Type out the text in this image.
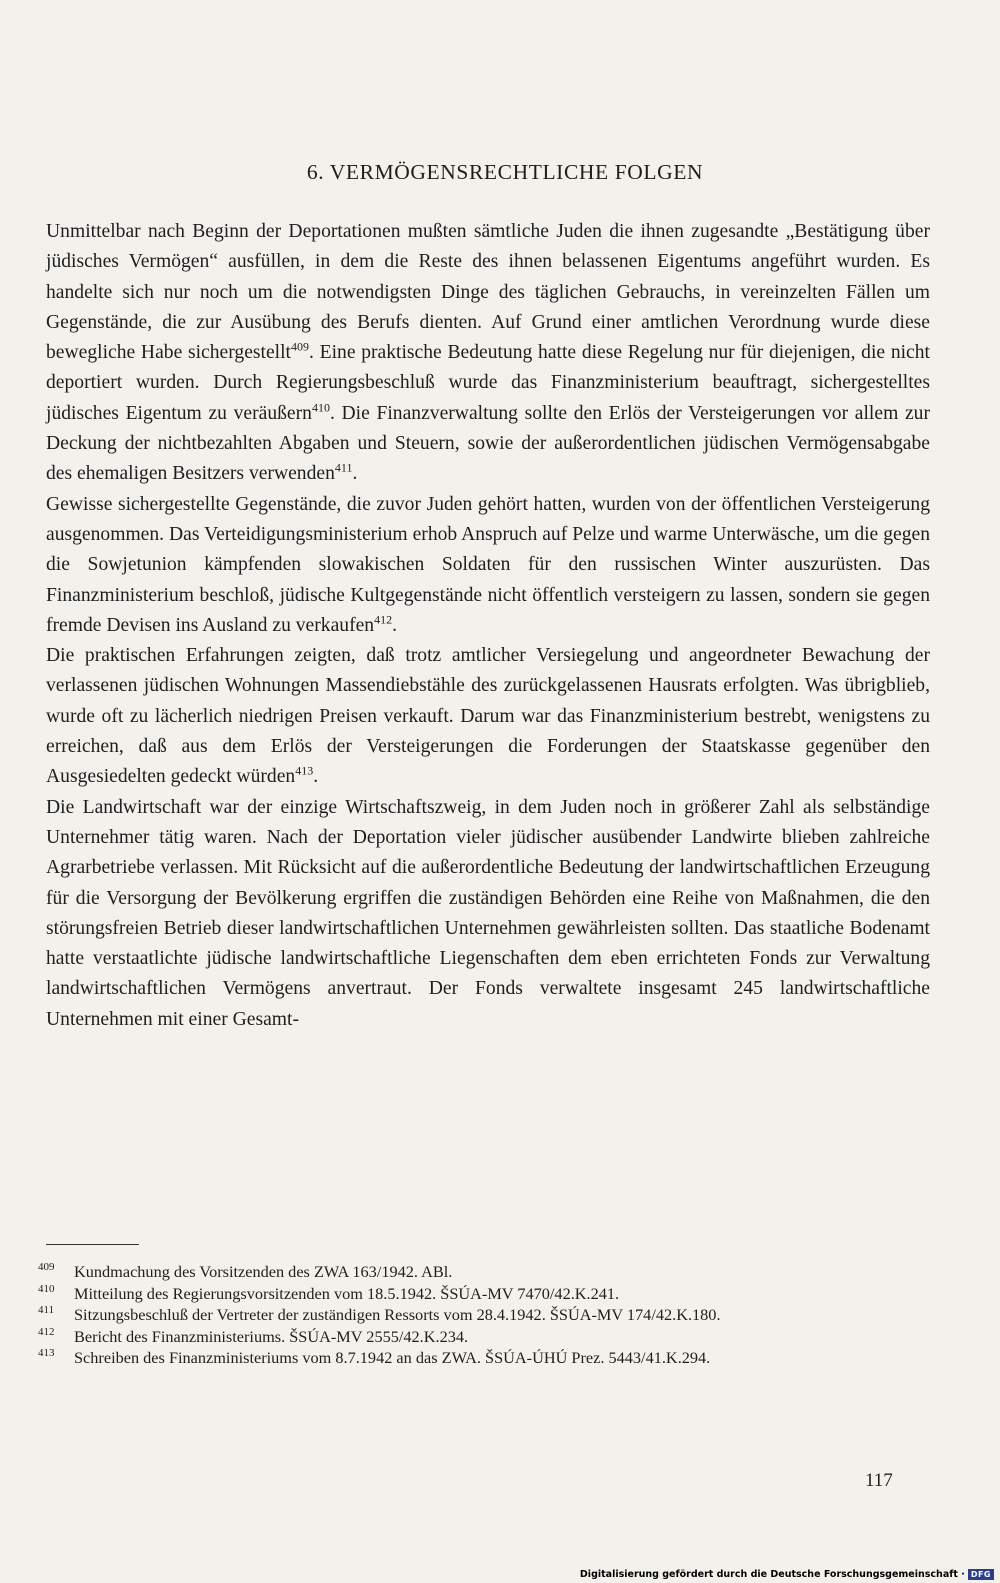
6. VERMÖGENSRECHTLICHE FOLGEN

Unmittelbar nach Beginn der Deportationen mußten sämtliche Juden die ihnen zugesandte „Bestätigung über jüdisches Vermögen“ ausfüllen, in dem die Reste des ihnen belassenen Eigentums angeführt wurden. Es handelte sich nur noch um die notwendigsten Dinge des täglichen Gebrauchs, in vereinzelten Fällen um Gegenstände, die zur Ausübung des Berufs dienten. Auf Grund einer amtlichen Verordnung wurde diese bewegliche Habe sichergestellt$^{409}$. Eine praktische Bedeutung hatte diese Regelung nur für diejenigen, die nicht deportiert wurden. Durch Regierungsbeschluß wurde das Finanzministerium beauftragt, sichergestelltes jüdisches Eigentum zu veräußern$^{410}$. Die Finanzverwaltung sollte den Erlös der Versteigerungen vor allem zur Deckung der nichtbezahlten Abgaben und Steuern, sowie der außerordentlichen jüdischen Vermögensabgabe des ehemaligen Besitzers verwenden$^{411}$.

Gewisse sichergestellte Gegenstände, die zuvor Juden gehört hatten, wurden von der öffentlichen Versteigerung ausgenommen. Das Verteidigungsministerium erhob Anspruch auf Pelze und warme Unterwäsche, um die gegen die Sowjetunion kämpfenden slowakischen Soldaten für den russischen Winter auszurüsten. Das Finanzministerium beschloß, jüdische Kultgegenstände nicht öffentlich versteigern zu lassen, sondern sie gegen fremde Devisen ins Ausland zu verkaufen$^{412}$.

Die praktischen Erfahrungen zeigten, daß trotz amtlicher Versiegelung und angeordneter Bewachung der verlassenen jüdischen Wohnungen Massendiebstähle des zurückgelassenen Hausrats erfolgten. Was übrigblieb, wurde oft zu lächerlich niedrigen Preisen verkauft. Darum war das Finanzministerium bestrebt, wenigstens zu erreichen, daß aus dem Erlös der Versteigerungen die Forderungen der Staatskasse gegenüber den Ausgesiedelten gedeckt würden$^{413}$.

Die Landwirtschaft war der einzige Wirtschaftszweig, in dem Juden noch in größerer Zahl als selbständige Unternehmer tätig waren. Nach der Deportation vieler jüdischer ausübender Landwirte blieben zahlreiche Agrarbetriebe verlassen. Mit Rücksicht auf die außerordentliche Bedeutung der landwirtschaftlichen Erzeugung für die Versorgung der Bevölkerung ergriffen die zuständigen Behörden eine Reihe von Maßnahmen, die den störungsfreien Betrieb dieser landwirtschaftlichen Unternehmen gewährleisten sollten. Das staatliche Bodenamt hatte verstaatlichte jüdische landwirtschaftliche Liegenschaften dem eben errichteten Fonds zur Verwaltung landwirtschaftlichen Vermögens anvertraut. Der Fonds verwaltete insgesamt 245 landwirtschaftliche Unternehmen mit einer Gesamt-

409 Kundmachung des Vorsitzenden des ZWA 163/1942. ABl.
410 Mitteilung des Regierungsvorsitzenden vom 18.5.1942. ŠSÚA-MV 7470/42.K.241.
411 Sitzungsbeschluß der Vertreter der zuständigen Ressorts vom 28.4.1942. ŠSÚA-MV 174/42.K.180.
412 Bericht des Finanzministeriums. ŠSÚA-MV 2555/42.K.234.
413 Schreiben des Finanzministeriums vom 8.7.1942 an das ZWA. ŠSÚA-ÚHÚ Prez. 5443/41.K.294.
117
Digitalisierung gefördert durch die Deutsche Forschungsgemeinschaft · DFG
